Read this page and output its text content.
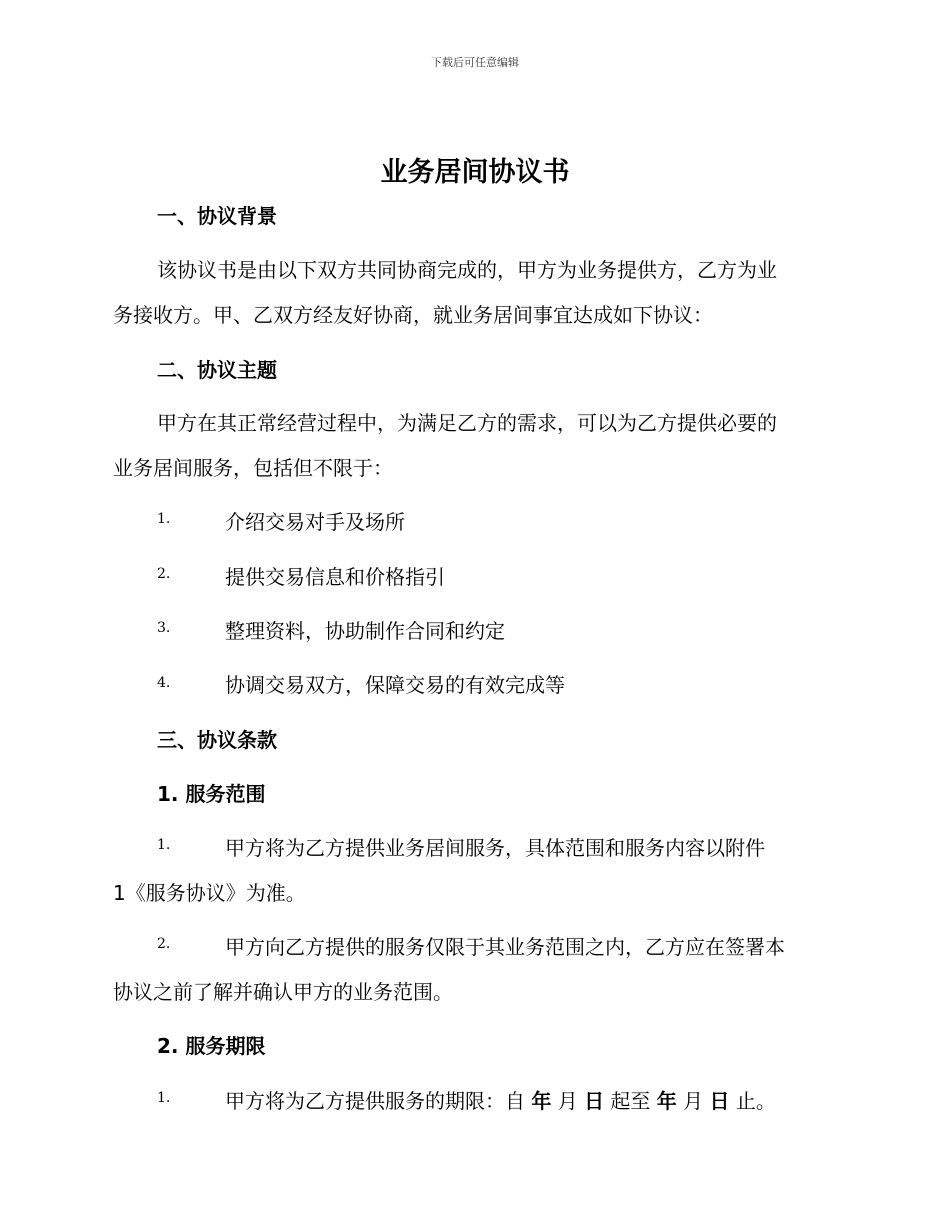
下载后可任意编辑
业务居间协议书
一、协议背景
该协议书是由以下双方共同协商完成的，甲方为业务提供方，乙方为业
务接收方。甲、乙双方经友好协商，就业务居间事宜达成如下协议：
二、协议主题
甲方在其正常经营过程中，为满足乙方的需求，可以为乙方提供必要的
业务居间服务，包括但不限于：
1.	介绍交易对手及场所
2.	提供交易信息和价格指引
3.	整理资料，协助制作合同和约定
4.	协调交易双方，保障交易的有效完成等
三、协议条款
1. 服务范围
1.	甲方将为乙方提供业务居间服务，具体范围和服务内容以附件
1《服务协议》为准。
2.	甲方向乙方提供的服务仅限于其业务范围之内，乙方应在签署本
协议之前了解并确认甲方的业务范围。
2. 服务期限
1.	甲方将为乙方提供服务的期限：自 年 月 日 起至 年 月 日 止。
